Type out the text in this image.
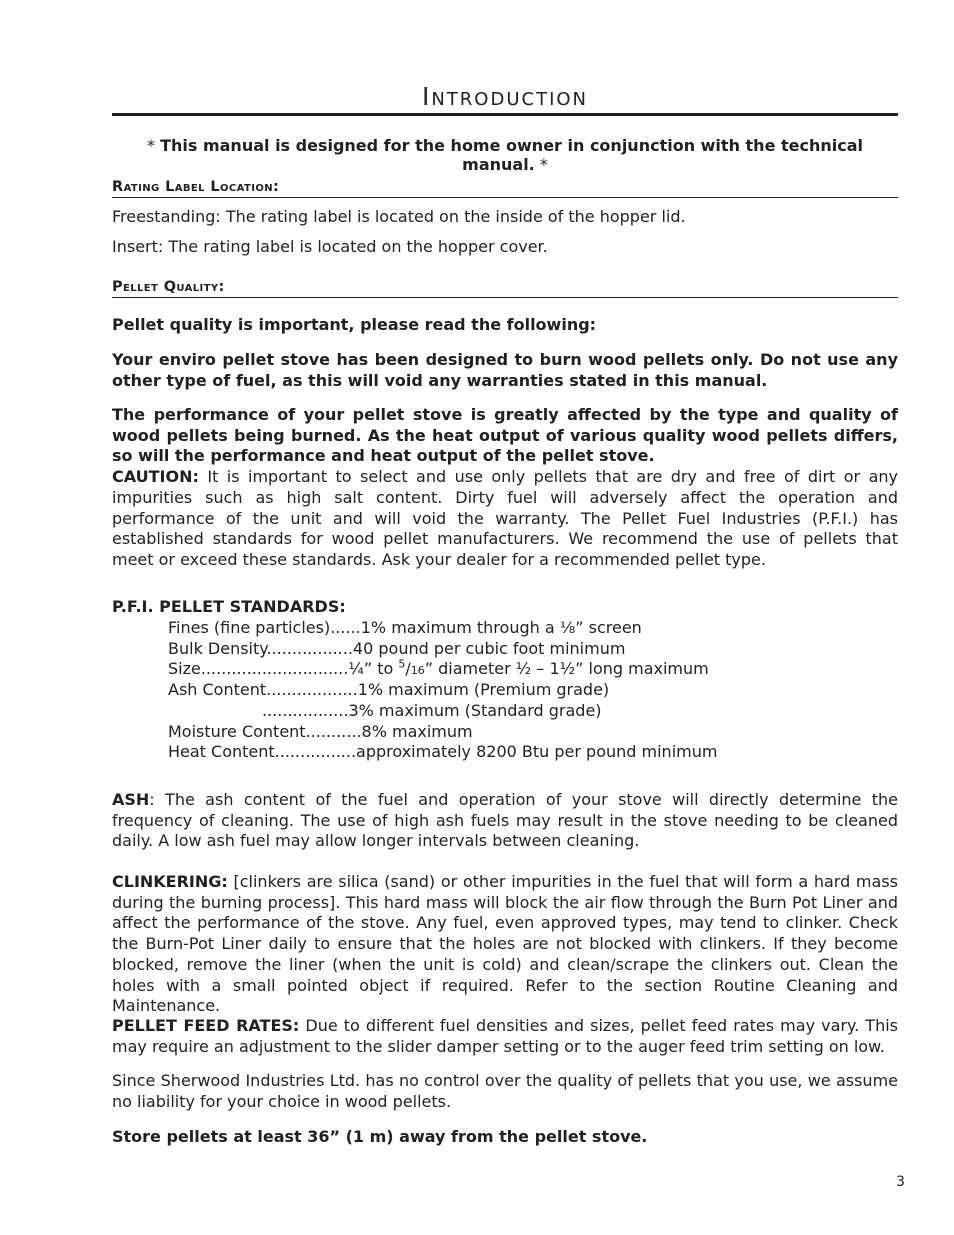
Introduction
* This manual is designed for the home owner in conjunction with the technical manual. *
Rating Label Location:

Freestanding: The rating label is located on the inside of the hopper lid.

Insert: The rating label is located on the hopper cover.

Pellet Quality:

Pellet quality is important, please read the following:

Your enviro pellet stove has been designed to burn wood pellets only. Do not use any other type of fuel, as this will void any warranties stated in this manual.

The performance of your pellet stove is greatly affected by the type and quality of wood pellets being burned. As the heat output of various quality wood pellets differs, so will the performance and heat output of the pellet stove.
CAUTION: It is important to select and use only pellets that are dry and free of dirt or any impurities such as high salt content. Dirty fuel will adversely affect the operation and performance of the unit and will void the warranty. The Pellet Fuel Industries (P.F.I.) has established standards for wood pellet manufacturers. We recommend the use of pellets that meet or exceed these standards. Ask your dealer for a recommended pellet type.

P.F.I. PELLET STANDARDS:

Fines (fine particles)......1% maximum through a ⅛” screen
Bulk Density.................40 pound per cubic foot minimum
Size.............................¼” to $^5$/16” diameter ½ – 1½” long maximum
Ash Content..................1% maximum (Premium grade)
.................3% maximum (Standard grade)
Moisture Content...........8% maximum
Heat Content................approximately 8200 Btu per pound minimum

ASH: The ash content of the fuel and operation of your stove will directly determine the frequency of cleaning. The use of high ash fuels may result in the stove needing to be cleaned daily. A low ash fuel may allow longer intervals between cleaning.

CLINKERING: [clinkers are silica (sand) or other impurities in the fuel that will form a hard mass during the burning process]. This hard mass will block the air flow through the Burn Pot Liner and affect the performance of the stove. Any fuel, even approved types, may tend to clinker. Check the Burn-Pot Liner daily to ensure that the holes are not blocked with clinkers. If they become blocked, remove the liner (when the unit is cold) and clean/scrape the clinkers out. Clean the holes with a small pointed object if required. Refer to the section Routine Cleaning and Maintenance.

PELLET FEED RATES: Due to different fuel densities and sizes, pellet feed rates may vary. This may require an adjustment to the slider damper setting or to the auger feed trim setting on low.

Since Sherwood Industries Ltd. has no control over the quality of pellets that you use, we assume no liability for your choice in wood pellets.

Store pellets at least 36” (1 m) away from the pellet stove.

3
